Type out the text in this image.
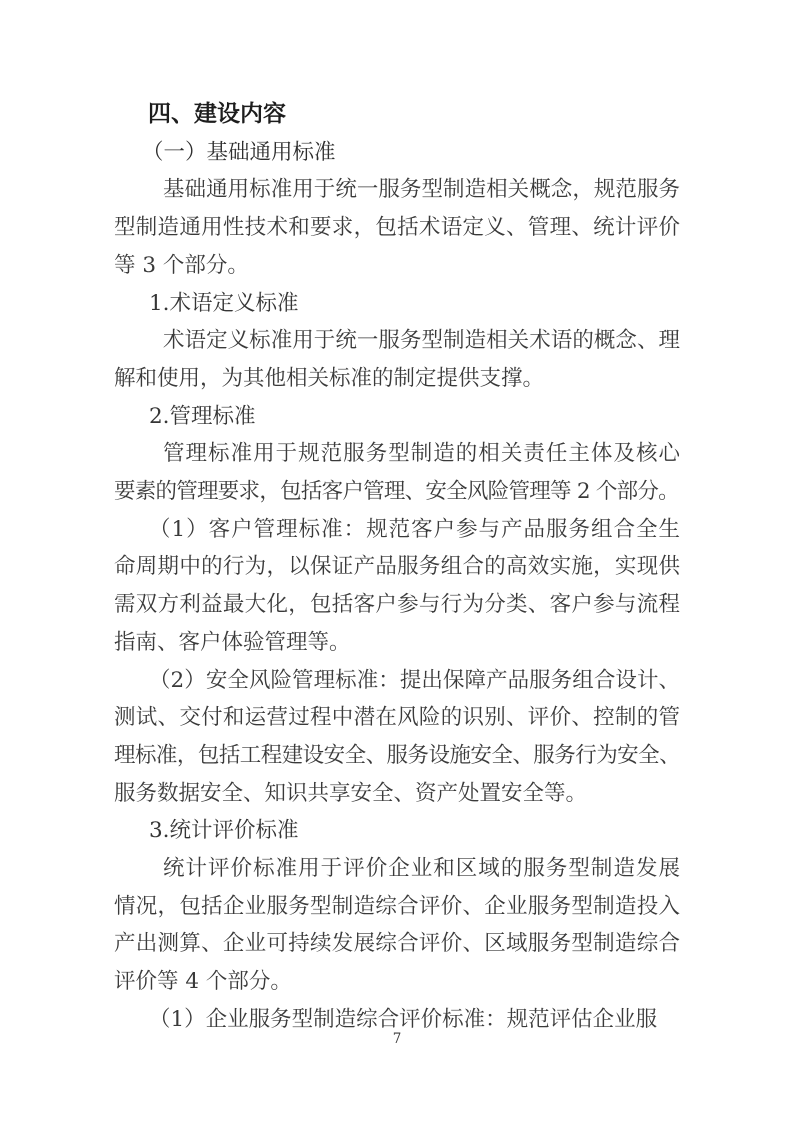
四、建设内容
（一）基础通用标准
基础通用标准用于统一服务型制造相关概念，规范服务
型制造通用性技术和要求，包括术语定义、管理、统计评价
等 3 个部分。
1.术语定义标准
术语定义标准用于统一服务型制造相关术语的概念、理
解和使用，为其他相关标准的制定提供支撑。
2.管理标准
管理标准用于规范服务型制造的相关责任主体及核心
要素的管理要求，包括客户管理、安全风险管理等 2 个部分。
（1）客户管理标准：规范客户参与产品服务组合全生
命周期中的行为，以保证产品服务组合的高效实施，实现供
需双方利益最大化，包括客户参与行为分类、客户参与流程
指南、客户体验管理等。
（2）安全风险管理标准：提出保障产品服务组合设计、
测试、交付和运营过程中潜在风险的识别、评价、控制的管
理标准，包括工程建设安全、服务设施安全、服务行为安全、
服务数据安全、知识共享安全、资产处置安全等。
3.统计评价标准
统计评价标准用于评价企业和区域的服务型制造发展
情况，包括企业服务型制造综合评价、企业服务型制造投入
产出测算、企业可持续发展综合评价、区域服务型制造综合
评价等 4 个部分。
（1）企业服务型制造综合评价标准：规范评估企业服
7
